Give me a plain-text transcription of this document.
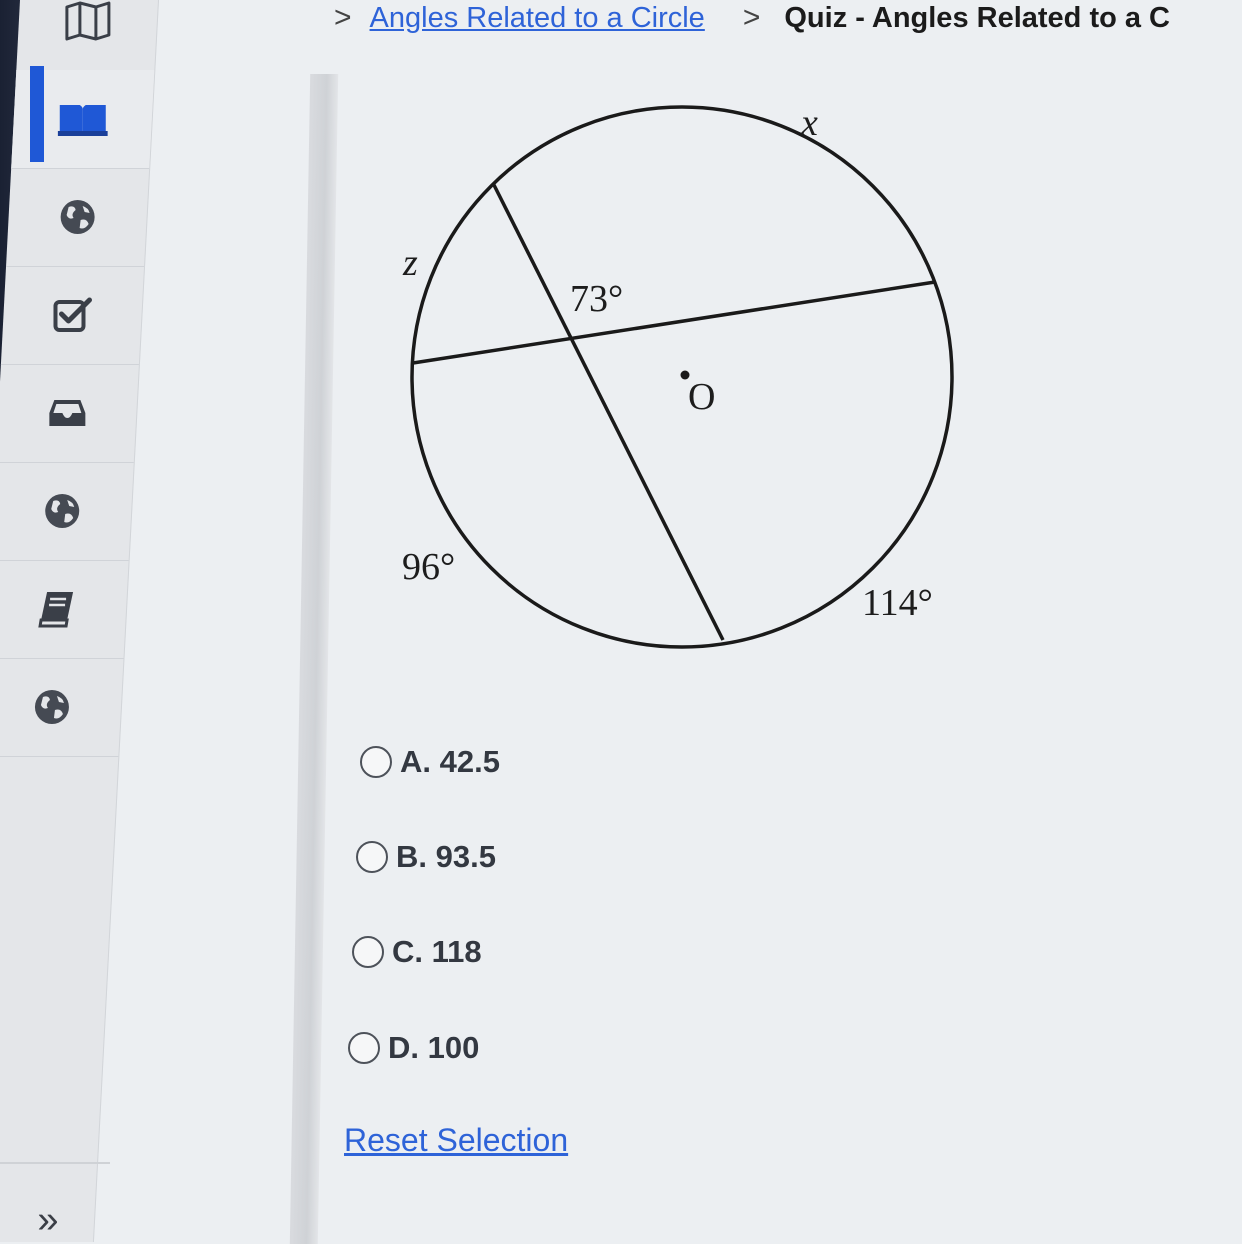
»
> Angles Related to a Circle > Quiz - Angles Related to a C
x
z
73°
O
96°
114°
A. 42.5
B. 93.5
C. 118
D. 100
Reset Selection
